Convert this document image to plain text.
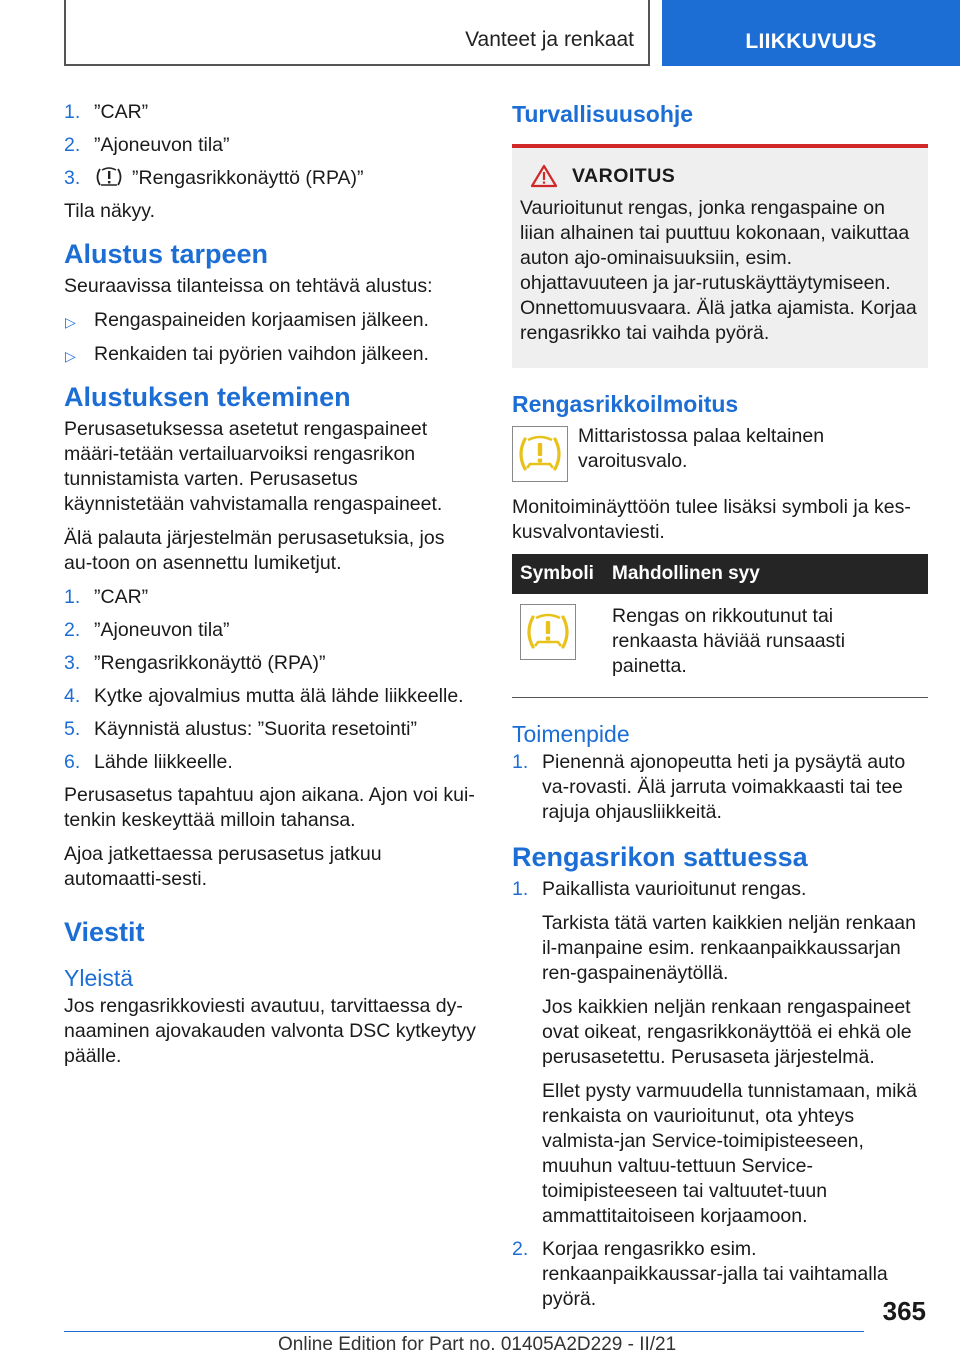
Vanteet ja renkaat	LIIKKUVUUS
1. ”CAR”
2. ”Ajoneuvon tila”
3.	”Rengasrikkonäyttö (RPA)”

Tila näkyy.

Alustus tarpeen

Seuraavissa tilanteissa on tehtävä alustus:

▷ Rengaspaineiden korjaamisen jälkeen.
▷ Renkaiden tai pyörien vaihdon jälkeen.
Alustuksen tekeminen

Perusasetuksessa asetetut rengaspaineet määri-tetään vertailuarvoiksi rengasrikon tunnistamista varten. Perusasetus käynnistetään vahvistamalla rengaspaineet.

Älä palauta järjestelmän perusasetuksia, jos au-toon on asennettu lumiketjut.

1. ”CAR”
2. ”Ajoneuvon tila”
3. ”Rengasrikkonäyttö (RPA)”
4. Kytke ajovalmius mutta älä lähde liikkeelle.
5. Käynnistä alustus: ”Suorita resetointi”
6. Lähde liikkeelle.

Perusasetus tapahtuu ajon aikana. Ajon voi kui-tenkin keskeyttää milloin tahansa.

Ajoa jatkettaessa perusasetus jatkuu automaatti-sesti.

Viestit
Yleistä

Jos rengasrikkoviesti avautuu, tarvittaessa dy-naaminen ajovakauden valvonta DSC kytkeytyy päälle.

Turvallisuusohje
VAROITUS

Vaurioitunut rengas, jonka rengaspaine on liian alhainen tai puuttuu kokonaan, vaikuttaa auton ajo-ominaisuuksiin, esim. ohjattavuuteen ja jar-rutuskäyttäytymiseen. Onnettomuusvaara. Älä jatka ajamista. Korjaa rengasrikko tai vaihda pyörä.

Rengasrikkoilmoitus

Mittaristossa palaa keltainen varoitusvalo.

Monitoiminäyttöön tulee lisäksi symboli ja kes-kusvalvontaviesti.

Symboli	Mahdollinen syy

	Rengas on rikkoutunut tai renkaasta häviää runsaasti painetta.
Toimenpide
1. Pienennä ajonopeutta heti ja pysäytä auto va-rovasti. Älä jarruta voimakkaasti tai tee rajuja ohjausliikkeitä.
Rengasrikon sattuessa
1. Paikallista vaurioitunut rengas.
Tarkista tätä varten kaikkien neljän renkaan il-manpaine esim. renkaanpaikkaussarjan ren-gaspainenäytöllä.
Jos kaikkien neljän renkaan rengaspaineet ovat oikeat, rengasrikkonäyttöä ei ehkä ole perusasetettu. Perusaseta järjestelmä.
Ellet pysty varmuudella tunnistamaan, mikä renkaista on vaurioitunut, ota yhteys valmista-jan Service-toimipisteeseen, muuhun valtuu-tettuun Service-toimipisteeseen tai valtuutet-tuun ammattitaitoiseen korjaamoon.
2. Korjaa rengasrikko esim. renkaanpaikkaussar-jalla tai vaihtamalla pyörä.	365
Online Edition for Part no. 01405A2D229 - II/21
